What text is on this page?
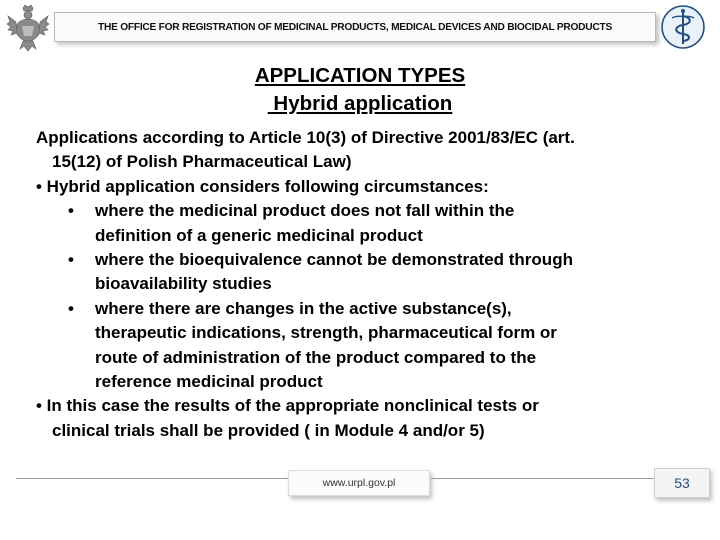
THE OFFICE FOR REGISTRATION OF MEDICINAL PRODUCTS, MEDICAL DEVICES AND BIOCIDAL PRODUCTS
APPLICATION TYPES
Hybrid application
Applications according to Article 10(3) of Directive 2001/83/EC (art.
15(12) of Polish Pharmaceutical Law)
• Hybrid application considers following circumstances:
• where the medicinal product does not fall within the
definition of a generic medicinal product
• where the bioequivalence cannot be demonstrated through
bioavailability studies
• where there are changes in the active substance(s),
therapeutic indications, strength, pharmaceutical form or
route of administration of the product compared to the
reference medicinal product
• In this case the results of the appropriate nonclinical tests or
clinical trials shall be provided ( in Module 4 and/or 5)
www.urpl.gov.pl	53
